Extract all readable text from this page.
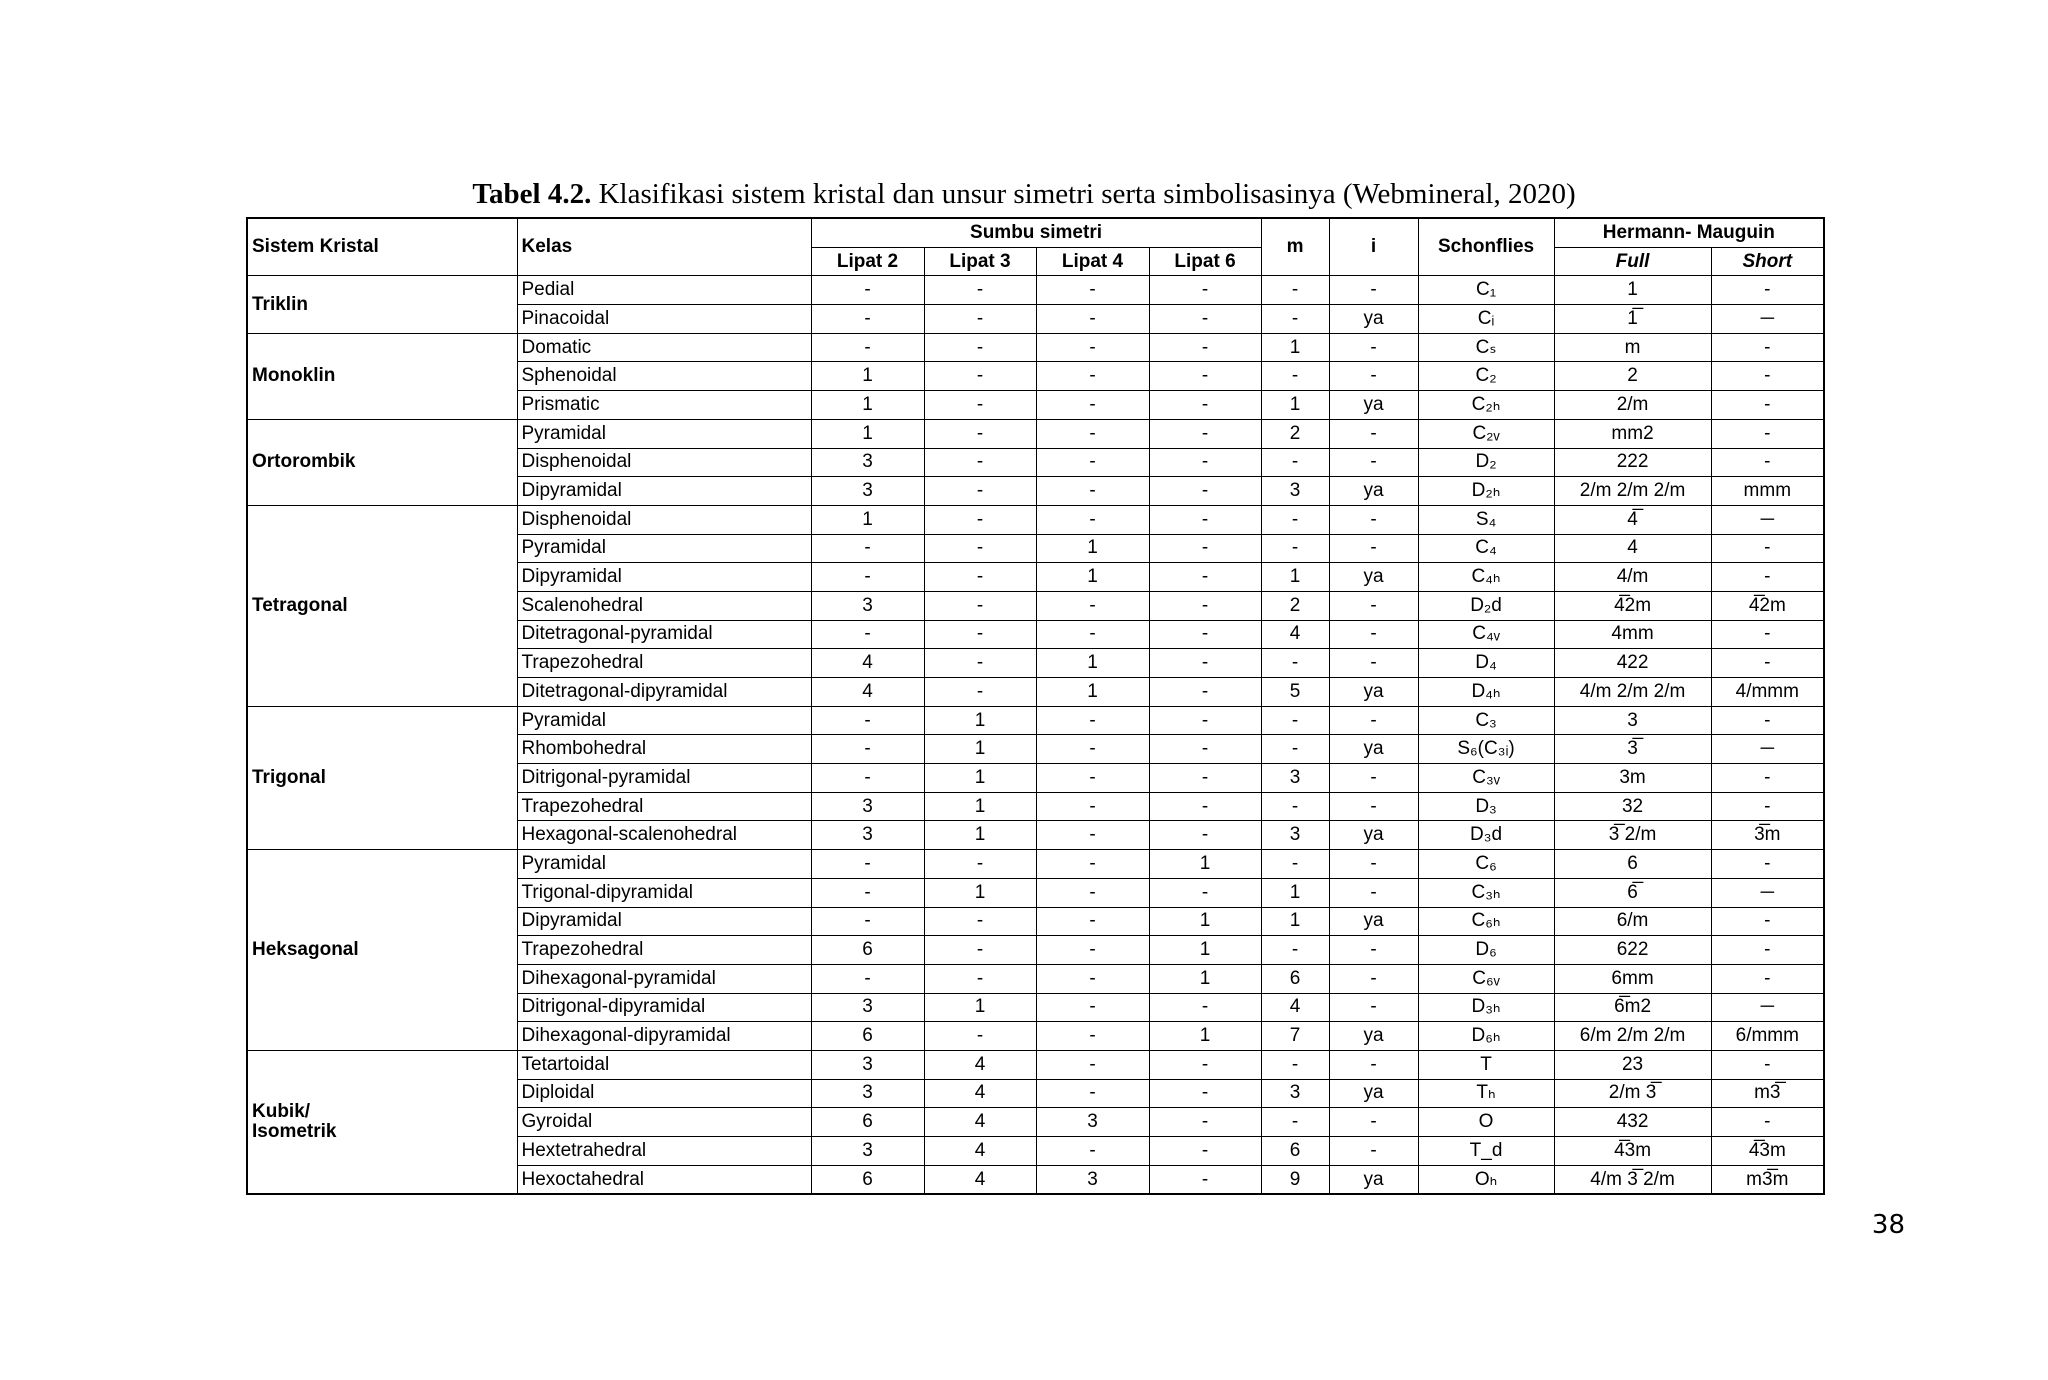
Tabel 4.2. Klasifikasi sistem kristal dan unsur simetri serta simbolisasinya (Webmineral, 2020)
Sistem Kristal	Kelas	Sumbu simetri				m	i	Schonflies	Hermann- Mauguin	
		Lipat 2	Lipat 3	Lipat 4	Lipat 6				Full	Short
Triklin	Pedial	-	-	-	-	-	-	C₁	1	-
	Pinacoidal	-	-	-	-	-	ya	Cᵢ	1̅	─
Monoklin	Domatic	-	-	-	-	1	-	Cₛ	m	-
	Sphenoidal	1	-	-	-	-	-	C₂	2	-
	Prismatic	1	-	-	-	1	ya	C₂ₕ	2/m	-
Ortorombik	Pyramidal	1	-	-	-	2	-	C₂ᵥ	mm2	-
	Disphenoidal	3	-	-	-	-	-	D₂	222	-
	Dipyramidal	3	-	-	-	3	ya	D₂ₕ	2/m 2/m 2/m	mmm
Tetragonal	Disphenoidal	1	-	-	-	-	-	S₄	4̅	─
	Pyramidal	-	-	1	-	-	-	C₄	4	-
	Dipyramidal	-	-	1	-	1	ya	C₄ₕ	4/m	-
	Scalenohedral	3	-	-	-	2	-	D₂d	4̅2m	4̅2m
	Ditetragonal-pyramidal	-	-	-	-	4	-	C₄ᵥ	4mm	-
	Trapezohedral	4	-	1	-	-	-	D₄	422	-
	Ditetragonal-dipyramidal	4	-	1	-	5	ya	D₄ₕ	4/m 2/m 2/m	4/mmm
Trigonal	Pyramidal	-	1	-	-	-	-	C₃	3	-
	Rhombohedral	-	1	-	-	-	ya	S₆(C₃ᵢ)	3̅	─
	Ditrigonal-pyramidal	-	1	-	-	3	-	C₃ᵥ	3m	-
	Trapezohedral	3	1	-	-	-	-	D₃	32	-
	Hexagonal-scalenohedral	3	1	-	-	3	ya	D₃d	3̅ 2/m	3̅m
Heksagonal	Pyramidal	-	-	-	1	-	-	C₆	6	-
	Trigonal-dipyramidal	-	1	-	-	1	-	C₃ₕ	6̅	─
	Dipyramidal	-	-	-	1	1	ya	C₆ₕ	6/m	-
	Trapezohedral	6	-	-	1	-	-	D₆	622	-
	Dihexagonal-pyramidal	-	-	-	1	6	-	C₆ᵥ	6mm	-
	Ditrigonal-dipyramidal	3	1	-	-	4	-	D₃ₕ	6̅m2	─
	Dihexagonal-dipyramidal	6	-	-	1	7	ya	D₆ₕ	6/m 2/m 2/m	6/mmm
Kubik/
Isometrik	Tetartoidal	3	4	-	-	-	-	T	23	-
	Diploidal	3	4	-	-	3	ya	Tₕ	2/m 3̅	m3̅
	Gyroidal	6	4	3	-	-	-	O	432	-
	Hextetrahedral	3	4	-	-	6	-	T_d	4̅3m	4̅3m
	Hexoctahedral	6	4	3	-	9	ya	Oₕ	4/m 3̅ 2/m	m3̅m
38
